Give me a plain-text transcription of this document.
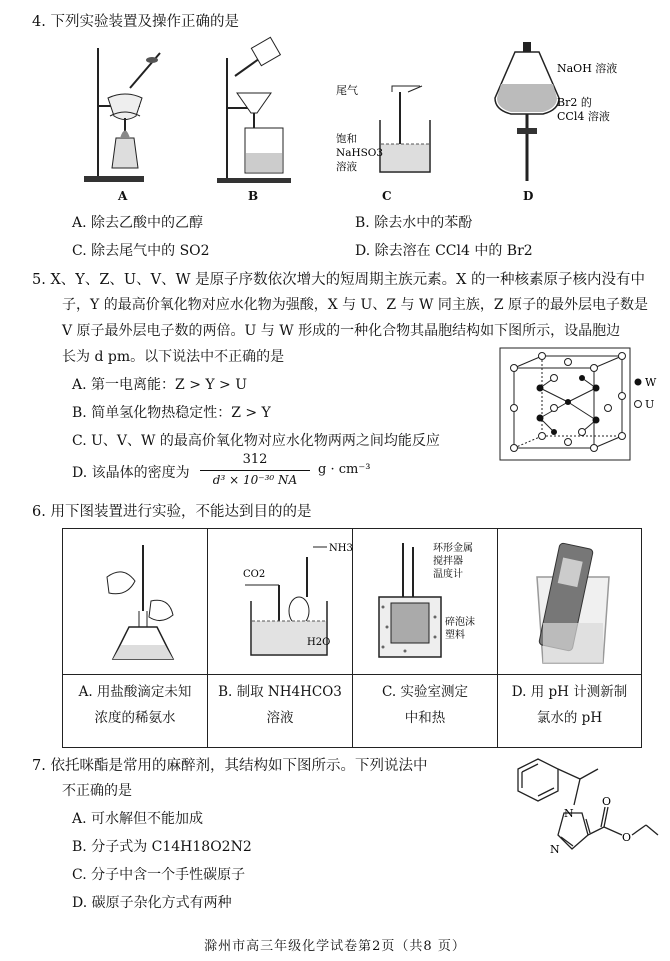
4. 下列实验装置及操作正确的是
A	B
尾气
饱和
NaHSO3
溶液
C
NaOH 溶液
Br2 的
CCl4 溶液
D
A. 除去乙酸中的乙醇	B. 除去水中的苯酚
C. 除去尾气中的 SO2	D. 除去溶在 CCl4 中的 Br2
5. X、Y、Z、U、V、W 是原子序数依次增大的短周期主族元素。X 的一种核素原子核内没有中
子，Y 的最高价氧化物对应水化物为强酸，X 与 U、Z 与 W 同主族，Z 原子的最外层电子数是
V 原子最外层电子数的两倍。U 与 W 形成的一种化合物其晶胞结构如下图所示，设晶胞边
长为 d pm。以下说法中不正确的是
A. 第一电离能：Z > Y > U
B. 简单氢化物热稳定性：Z > Y
C. U、V、W 的最高价氧化物对应水化物两两之间均能反应
D. 该晶体的密度为
312
d³ × 10⁻³⁰ NA
g · cm⁻³
W
U
6. 用下图装置进行实验，不能达到目的的是
NH3
CO2
H2O
环形金属
搅拌器
温度计
碎泡沫
塑料
A. 用盐酸滴定未知
浓度的稀氨水
B. 制取 NH4HCO3
溶液
C. 实验室测定
中和热
D. 用 pH 计测新制
氯水的 pH
7. 依托咪酯是常用的麻醉剂，其结构如下图所示。下列说法中
不正确的是
A. 可水解但不能加成
B. 分子式为 C14H18O2N2
C. 分子中含一个手性碳原子
D. 碳原子杂化方式有两种
N
N
O
O
滁州市高三年级化学试卷第2页（共8 页）
